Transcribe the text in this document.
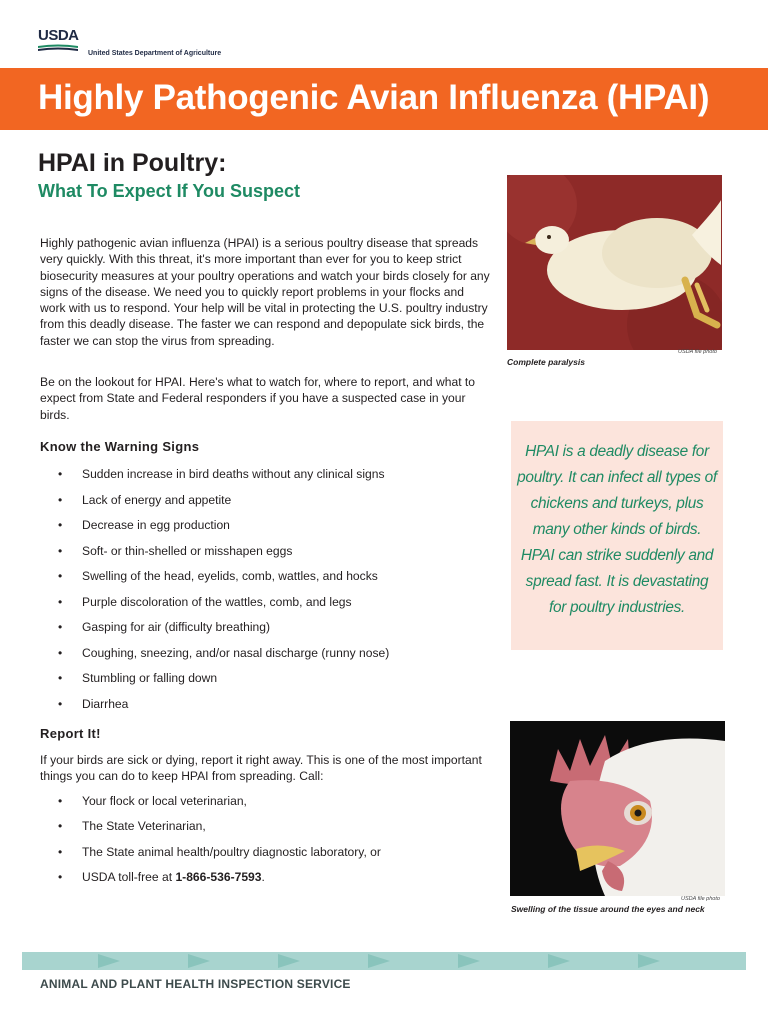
USDA
United States Department of Agriculture
Highly Pathogenic Avian Influenza (HPAI)
HPAI in Poultry:
What To Expect If You Suspect

Highly pathogenic avian influenza (HPAI) is a serious poultry disease that spreads very quickly. With this threat, it's more important than ever for you to keep strict biosecurity measures at your poultry operations and watch your birds closely for any signs of the disease. We need you to quickly report problems in your flocks and work with us to respond. Your help will be vital in protecting the U.S. poultry industry from this deadly disease. The faster we can respond and depopulate sick birds, the faster we can stop the virus from spreading.

Be on the lookout for HPAI. Here's what to watch for, where to report, and what to expect from State and Federal responders if you have a suspected case in your birds.

Know the Warning Signs
• Sudden increase in bird deaths without any clinical signs
• Lack of energy and appetite
• Decrease in egg production
• Soft- or thin-shelled or misshapen eggs
• Swelling of the head, eyelids, comb, wattles, and hocks
• Purple discoloration of the wattles, comb, and legs
• Gasping for air (difficulty breathing)
• Coughing, sneezing, and/or nasal discharge (runny nose)
• Stumbling or falling down
• Diarrhea
Report It!

If your birds are sick or dying, report it right away. This is one of the most important things you can do to keep HPAI from spreading. Call:

• Your flock or local veterinarian,
• The State Veterinarian,
• The State animal health/poultry diagnostic laboratory, or
• USDA toll-free at 1-866-536-7593.
USDA file photo
Complete paralysis

HPAI is a deadly disease for poultry. It can infect all types of chickens and turkeys, plus many other kinds of birds. HPAI can strike suddenly and spread fast. It is devastating for poultry industries.

USDA file photo
Swelling of the tissue around the eyes and neck
ANIMAL AND PLANT HEALTH INSPECTION SERVICE
